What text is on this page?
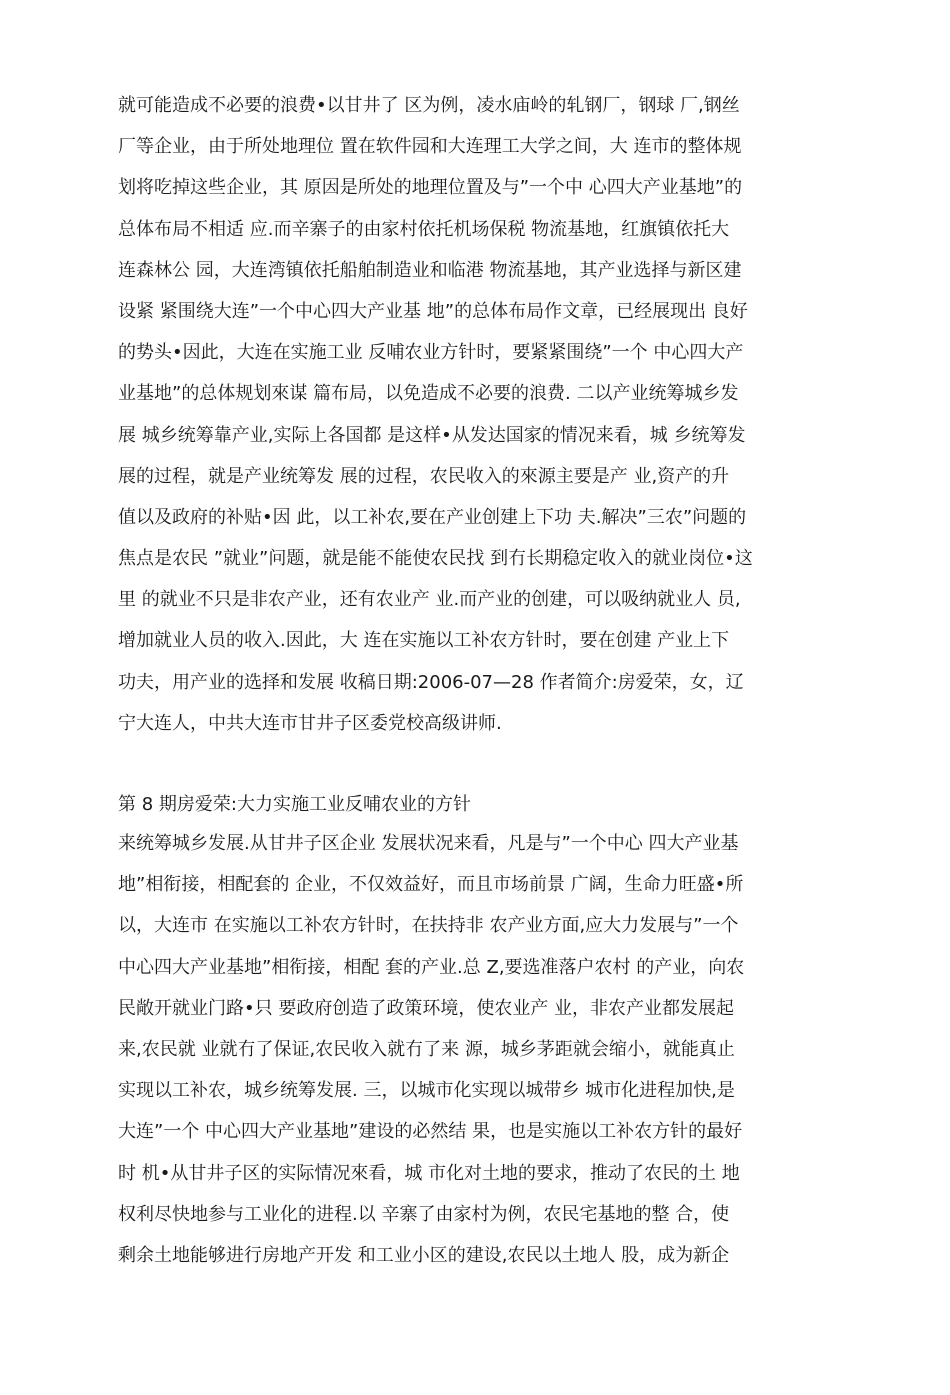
就可能造成不必要的浪费•以甘井了 区为例，凌水庙岭的轧钢厂，钢球 厂,钢丝
厂等企业，由于所处地理位 置在软件园和大连理工大学之间，大 连市的整体规
划将吃掉这些企业，其 原因是所处的地理位置及与”一个中 心四大产业基地”的
总体布局不相适 应.而辛寨子的由家村依托机场保税 物流基地，红旗镇依托大
连森林公 园，大连湾镇依托船舶制造业和临港 物流基地，其产业选择与新区建
设紧 紧围绕大连”一个中心四大产业基 地”的总体布局作文章，已经展现出 良好
的势头•因此，大连在实施工业 反哺农业方针时，要紧紧围绕”一个 中心四大产
业基地”的总体规划來谋 篇布局，以免造成不必要的浪费. 二以产业统筹城乡发
展 城乡统筹靠产业,实际上各国都 是这样•从发达国家的情况来看，城 乡统筹发
展的过程，就是产业统筹发 展的过程，农民收入的來源主要是产 业,资产的升
值以及政府的补贴•因 此，以工补农,要在产业创建上下功 夫.解决”三农”问题的
焦点是农民 ”就业”问题，就是能不能使农民找 到冇长期稳定收入的就业岗位•这
里 的就业不只是非农产业，还有农业产 业.而产业的创建，可以吸纳就业人 员,
增加就业人员的收入.因此，大 连在实施以工补农方针时，要在创建 产业上下
功夫，用产业的选择和发展 收稿日期:2006-07—28 作者简介:房爱荣，女，辽
宁大连人，中共大连市甘井子区委党校高级讲师.
第 8 期房爱荣:大力实施工业反哺农业的方针
来统筹城乡发展.从甘井子区企业 发展状况来看，凡是与”一个中心 四大产业基
地”相衔接，相配套的 企业，不仅效益好，而且市场前景 广阔，生命力旺盛•所
以，大连市 在实施以工补农方针时，在扶持非 农产业方面,应大力发展与”一个
中心四大产业基地”相衔接，相配 套的产业.总 Z,要选准落户农村 的产业，向农
民敞开就业门路•只 要政府创造了政策环境，使农业产 业，非农产业都发展起
来,农民就 业就冇了保证,农民收入就冇了来 源，城乡茅距就会缩小，就能真止
实现以工补农，城乡统筹发展. 三，以城市化实现以城带乡 城市化进程加快,是
大连”一个 中心四大产业基地”建设的必然结 果，也是实施以工补农方针的最好
时 机•从甘井子区的实际情况來看，城 市化对土地的要求，推动了农民的土 地
权利尽快地参与工业化的进程.以 辛寨了由家村为例，农民宅基地的整 合，使
剩余土地能够进行房地产开发 和工业小区的建设,农民以土地人 股，成为新企
